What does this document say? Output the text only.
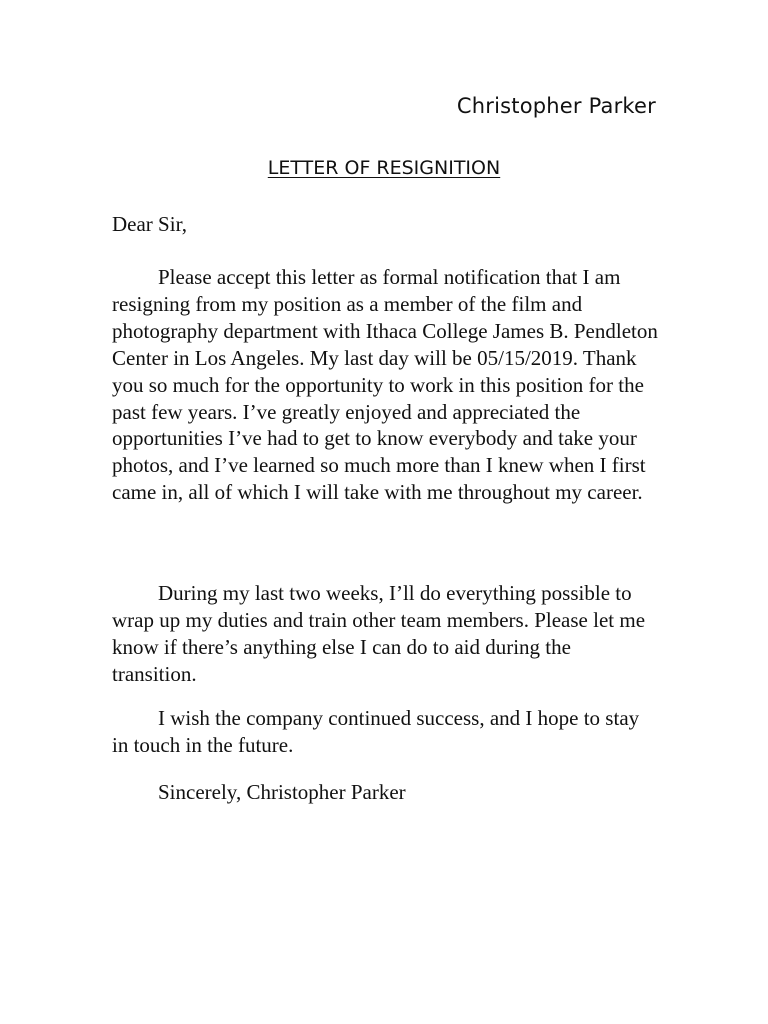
Christopher Parker
LETTER OF RESIGNITION

Dear Sir,

Please accept this letter as formal notification that I am resigning from my position as a member of the film and photography department with Ithaca College James B. Pendleton Center in Los Angeles. My last day will be 05/15/2019. Thank you so much for the opportunity to work in this position for the past few years. I’ve greatly enjoyed and appreciated the opportunities I’ve had to get to know everybody and take your photos, and I’ve learned so much more than I knew when I first came in, all of which I will take with me throughout my career.

During my last two weeks, I’ll do everything possible to wrap up my duties and train other team members. Please let me know if there’s anything else I can do to aid during the transition.

I wish the company continued success, and I hope to stay in touch in the future.

Sincerely, Christopher Parker
